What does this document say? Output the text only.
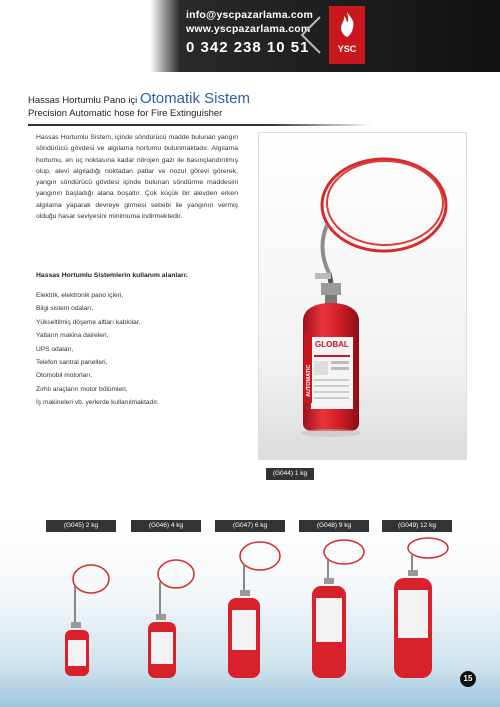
info@yscpazarlama.com
www.yscpazarlama.com
0 342 238 10 51	YSC
Hassas Hortumlu Pano içi Otomatik Sistem
Precision Automatic hose for Fire Extinguisher
Hassas Hortumlu Sistem, içinde söndürücü madde bulunan yangın söndürücü gövdesi ve algılama hortumu bulunmaktadır. Algılama hortumu, en uç noktasına kadar nitrojen gazı ile basınçlandırılmış olup, alevi algıladığı noktadan patlar ve nozul görevi görerek, yangın söndürücü gövdesi içinde bulunan söndürme maddesini yangının başladığı alana boşaltır. Çok küçük bir alevden erken algılama yaparak devreye girmesi sebebi ile yangının vermiş olduğu hasar seviyesini minimuma indirmektedir.
Hassas Hortumlu Sistemlerin kullanım alanları:
Elektrik, elektronik pano içleri,
Bilgi sistem odaları,
Yükseltilmiş döşeme altları kablolar,
Yatların makina daireleri,
UPS odaları,
Telefon santral panelleri,
Otomobil motorları,
Zırhlı araçların motor bölümleri,
İş makineleri vb. yerlerde kullanılmaktadır.
GLOBAL
AUTOMATIC
(G044) 1 kg
(G045) 2 kg	(G046) 4 kg	(G047) 6 kg	(G048) 9 kg	(G049) 12 kg
15
